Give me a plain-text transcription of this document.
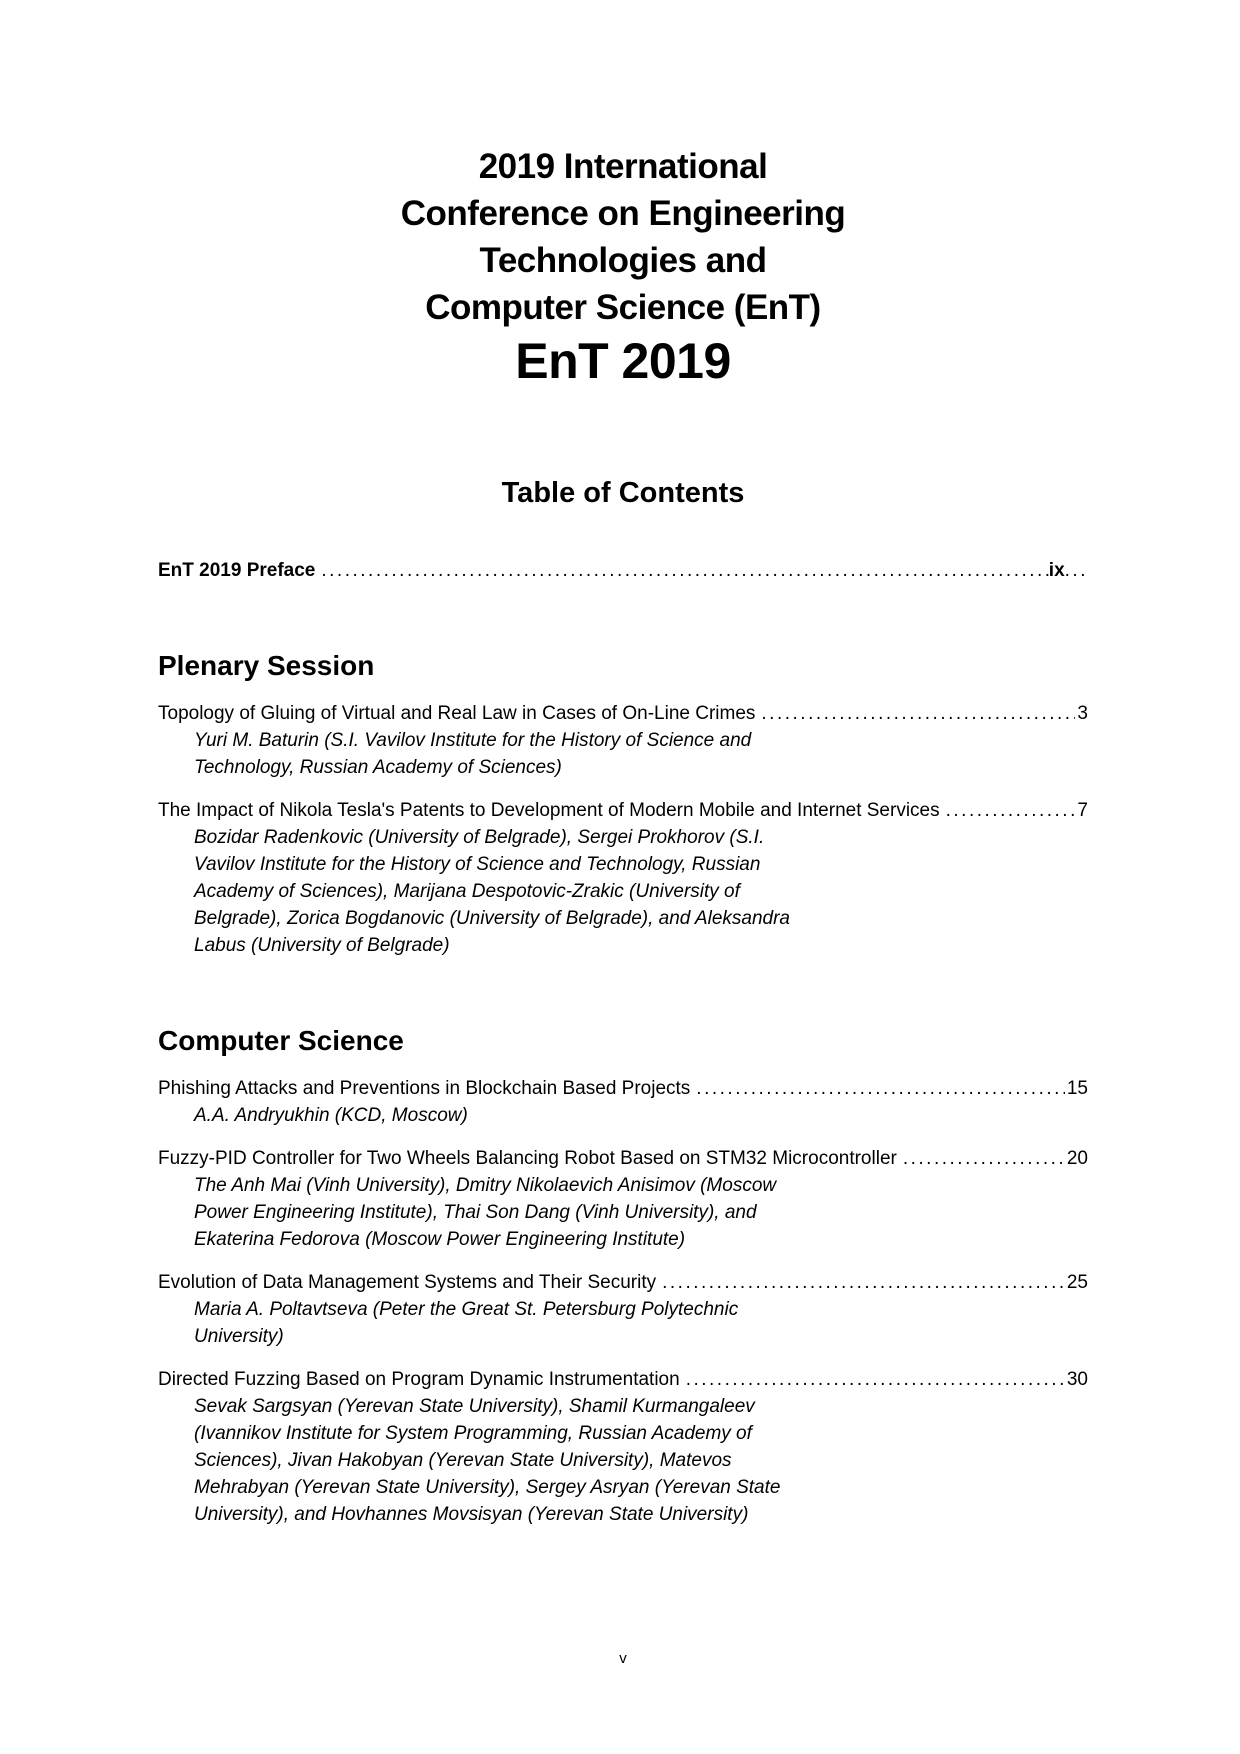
2019 International
Conference on Engineering
Technologies and
Computer Science (EnT)
EnT 2019
Table of Contents
EnT 2019 Preface .....	ix ...
Plenary Session
Topology of Gluing of Virtual and Real Law in Cases of On-Line Crimes .....	3
Yuri M. Baturin (S.I. Vavilov Institute for the History of Science and
Technology, Russian Academy of Sciences)
The Impact of Nikola Tesla's Patents to Development of Modern Mobile and Internet Services .....	7
Bozidar Radenkovic (University of Belgrade), Sergei Prokhorov (S.I.
Vavilov Institute for the History of Science and Technology, Russian
Academy of Sciences), Marijana Despotovic-Zrakic (University of
Belgrade), Zorica Bogdanovic (University of Belgrade), and Aleksandra
Labus (University of Belgrade)
Computer Science
Phishing Attacks and Preventions in Blockchain Based Projects .....	15
A.A. Andryukhin (KCD, Moscow)
Fuzzy-PID Controller for Two Wheels Balancing Robot Based on STM32 Microcontroller .....	20
The Anh Mai (Vinh University), Dmitry Nikolaevich Anisimov (Moscow
Power Engineering Institute), Thai Son Dang (Vinh University), and
Ekaterina Fedorova (Moscow Power Engineering Institute)
Evolution of Data Management Systems and Their Security .....	25
Maria A. Poltavtseva (Peter the Great St. Petersburg Polytechnic
University)
Directed Fuzzing Based on Program Dynamic Instrumentation .....	30
Sevak Sargsyan (Yerevan State University), Shamil Kurmangaleev
(Ivannikov Institute for System Programming, Russian Academy of
Sciences), Jivan Hakobyan (Yerevan State University), Matevos
Mehrabyan (Yerevan State University), Sergey Asryan (Yerevan State
University), and Hovhannes Movsisyan (Yerevan State University)
v
